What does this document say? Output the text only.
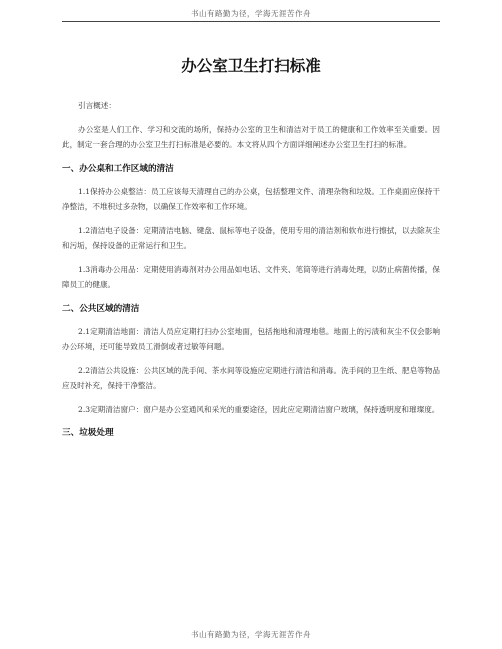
书山有路勤为径，学海无涯苦作舟
办公室卫生打扫标准

引言概述：

办公室是人们工作、学习和交流的场所，保持办公室的卫生和清洁对于员工的健康和工作效率至关重要。因此，制定一套合理的办公室卫生打扫标准是必要的。本文将从四个方面详细阐述办公室卫生打扫的标准。

一、办公桌和工作区域的清洁

1.1保持办公桌整洁：员工应该每天清理自己的办公桌，包括整理文件、清理杂物和垃圾。工作桌面应保持干净整洁，不堆积过多杂物，以确保工作效率和工作环境。

1.2清洁电子设备：定期清洁电脑、键盘、鼠标等电子设备，使用专用的清洁剂和软布进行擦拭，以去除灰尘和污垢，保持设备的正常运行和卫生。

1.3消毒办公用品：定期使用消毒剂对办公用品如电话、文件夹、笔筒等进行消毒处理，以防止病菌传播，保障员工的健康。

二、公共区域的清洁

2.1定期清洁地面：清洁人员应定期打扫办公室地面，包括拖地和清理地毯。地面上的污渍和灰尘不仅会影响办公环境，还可能导致员工滑倒或者过敏等问题。

2.2清洁公共设施：公共区域的洗手间、茶水间等设施应定期进行清洁和消毒。洗手间的卫生纸、肥皂等物品应及时补充，保持干净整洁。

2.3定期清洁窗户：窗户是办公室通风和采光的重要途径，因此应定期清洁窗户玻璃，保持透明度和璀璨度。

三、垃圾处理

书山有路勤为径，学海无涯苦作舟
